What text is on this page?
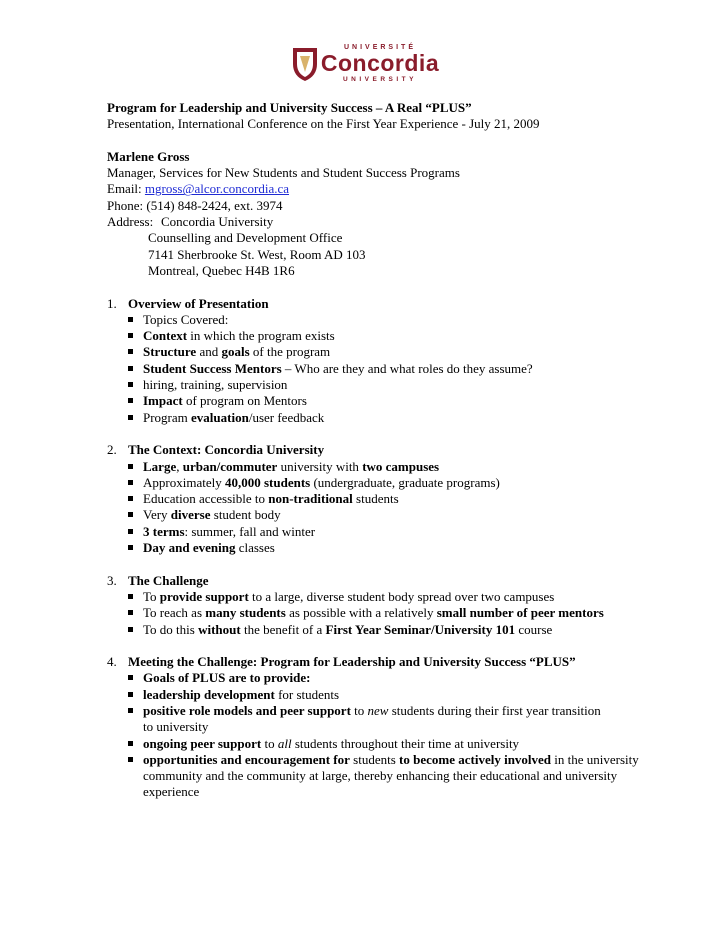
UNIVERSITÉ
Concordia
UNIVERSITY
Program for Leadership and University Success – A Real “PLUS”
Presentation, International Conference on the First Year Experience - July 21, 2009
Marlene Gross
Manager, Services for New Students and Student Success Programs
Email: mgross@alcor.concordia.ca
Phone: (514) 848-2424, ext. 3974
Address: Concordia University
Counselling and Development Office
7141 Sherbrooke St. West, Room AD 103
Montreal, Quebec H4B 1R6
1. Overview of Presentation
Topics Covered:
Context in which the program exists
Structure and goals of the program
Student Success Mentors – Who are they and what roles do they assume?
hiring, training, supervision
Impact of program on Mentors
Program evaluation/user feedback
2. The Context: Concordia University
Large, urban/commuter university with two campuses
Approximately 40,000 students (undergraduate, graduate programs)
Education accessible to non-traditional students
Very diverse student body
3 terms: summer, fall and winter
Day and evening classes
3. The Challenge
To provide support to a large, diverse student body spread over two campuses
To reach as many students as possible with a relatively small number of peer mentors
To do this without the benefit of a First Year Seminar/University 101 course
4. Meeting the Challenge: Program for Leadership and University Success “PLUS”
Goals of PLUS are to provide:
leadership development for students
positive role models and peer support to new students during their first year transition to university
ongoing peer support to all students throughout their time at university
opportunities and encouragement for students to become actively involved in the university community and the community at large, thereby enhancing their educational and university experience
